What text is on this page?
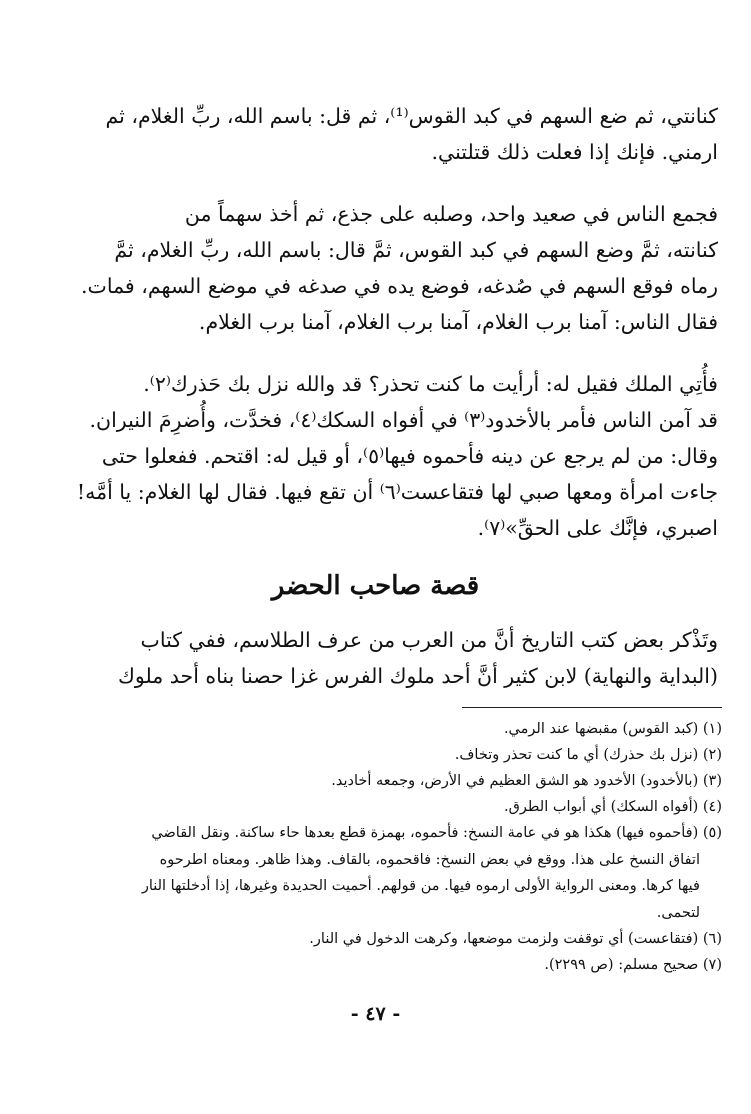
كنانتي، ثم ضع السهم في كبد القوس⁽¹⁾، ثم قل: باسم الله، ربِّ الغلام، ثم
ارمني. فإنك إذا فعلت ذلك قتلتني.
فجمع الناس في صعيد واحد، وصلبه على جذع، ثم أخذ سهماً من
كنانته، ثمَّ وضع السهم في كبد القوس، ثمَّ قال: باسم الله، ربِّ الغلام، ثمَّ
رماه فوقع السهم في صُدغه، فوضع يده في صدغه في موضع السهم، فمات.
فقال الناس: آمنا برب الغلام، آمنا برب الغلام، آمنا برب الغلام.
فأُتِي الملك فقيل له: أرأيت ما كنت تحذر؟ قد والله نزل بك حَذرك⁽٢⁾.
قد آمن الناس فأمر بالأخدود⁽٣⁾ في أفواه السكك⁽٤⁾، فخدَّت، وأُضرِمَ النيران.
وقال: من لم يرجع عن دينه فأحموه فيها⁽٥⁾، أو قيل له: اقتحم. ففعلوا حتى
جاءت امرأة ومعها صبي لها فتقاعست⁽٦⁾ أن تقع فيها. فقال لها الغلام: يا أمَّه!
اصبري، فإنَّك على الحقِّ»⁽٧⁾.
قصة صاحب الحضر
وتَذْكر بعض كتب التاريخ أنَّ من العرب من عرف الطلاسم، ففي كتاب
(البداية والنهاية) لابن كثير أنَّ أحد ملوك الفرس غزا حصنا بناه أحد ملوك
(١) (كبد القوس) مقبضها عند الرمي.
(٢) (نزل بك حذرك) أي ما كنت تحذر وتخاف.
(٣) (بالأخدود) الأخدود هو الشق العظيم في الأرض، وجمعه أخاديد.
(٤) (أفواه السكك) أي أبواب الطرق.
(٥) (فأحموه فيها) هكذا هو في عامة النسخ: فأحموه، بهمزة قطع بعدها حاء ساكنة. ونقل القاضي
اتفاق النسخ على هذا. ووقع في بعض النسخ: فاقحموه، بالقاف. وهذا ظاهر. ومعناه اطرحوه
فيها كرها. ومعنى الرواية الأولى ارموه فيها. من قولهم. أحميت الحديدة وغيرها، إذا أدخلتها النار
لتحمى.
(٦) (فتقاعست) أي توقفت ولزمت موضعها، وكرهت الدخول في النار.
(٧) صحيح مسلم: (ص ٢٢٩٩).
- ٤٧ -
